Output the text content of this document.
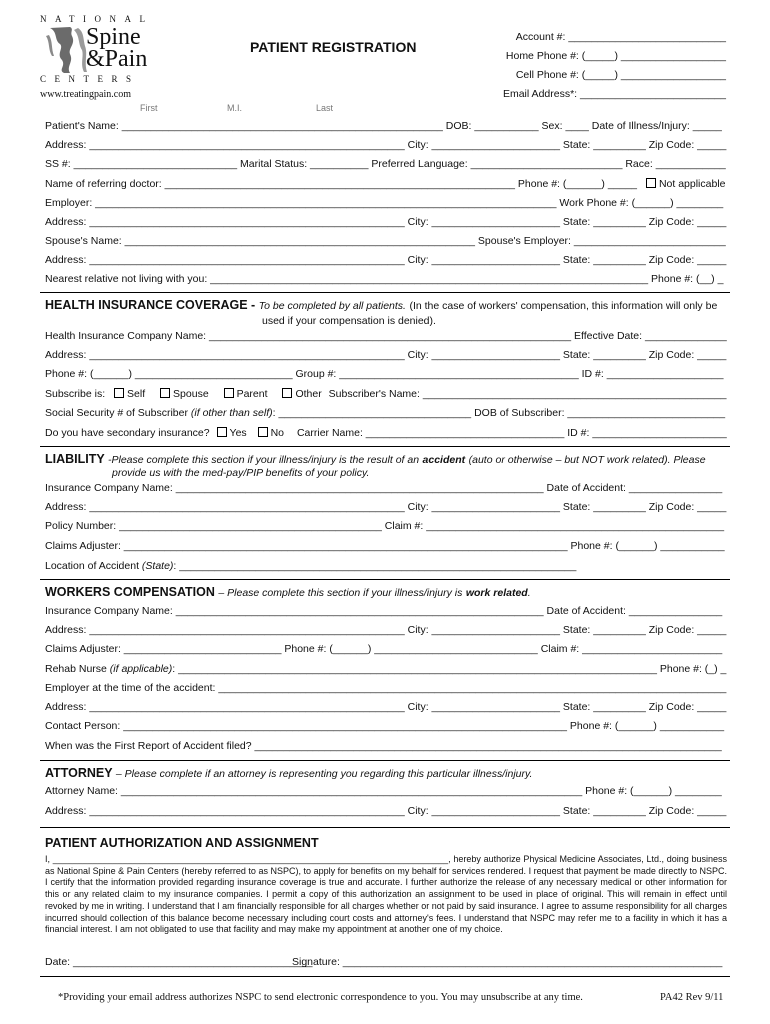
NATIONAL
Spine
&Pain
CENTERS
www.treatingpain.com
PATIENT REGISTRATION
Account #: ___________________________
Home Phone #: (_____) __________________
Cell Phone #: (_____) __________________
Email Address*: _________________________
First	M.I.	Last
Patient's Name: _______________________________________________________ DOB: ___________ Sex: ____ Date of Illness/Injury: _____
Address: ______________________________________________________ City: ______________________ State: _________ Zip Code: _____
SS #: ____________________________ Marital Status: __________ Preferred Language: __________________________ Race: ____________
Name of referring doctor: ____________________________________________________________ Phone #: (______) _____ Not applicable
Employer: _______________________________________________________________________________ Work Phone #: (______) ________
Address: ______________________________________________________ City: ______________________ State: _________ Zip Code: _____
Spouse's Name: ____________________________________________________________ Spouse's Employer: __________________________
Address: ______________________________________________________ City: ______________________ State: _________ Zip Code: _____
Nearest relative not living with you: ___________________________________________________________________________ Phone #: (__) _
HEALTH INSURANCE COVERAGE - To be completed by all patients. (In the case of workers' compensation, this information will only be
used if your compensation is denied).
Health Insurance Company Name: ______________________________________________________________ Effective Date: ______________
Address: ______________________________________________________ City: ______________________ State: _________ Zip Code: _____
Phone #: (______) ___________________________ Group #: _________________________________________ ID #: ____________________
Subscribe is: Self	Spouse	Parent	Other Subscriber's Name: ____________________________________________________
Social Security # of Subscriber (if other than self): _________________________________ DOB of Subscriber: ___________________________
Do you have secondary insurance? Yes No Carrier Name: __________________________________ ID #: _______________________
LIABILITY -Please complete this section if your illness/injury is the result of an accident (auto or otherwise – but NOT work related). Please
provide us with the med-pay/PIP benefits of your policy.
Insurance Company Name: _______________________________________________________________ Date of Accident: ________________
Address: ______________________________________________________ City: ______________________ State: _________ Zip Code: _____
Policy Number: _____________________________________________ Claim #: ___________________________________________________
Claims Adjuster: ____________________________________________________________________________ Phone #: (______) ___________
Location of Accident (State): ____________________________________________________________________
WORKERS COMPENSATION – Please complete this section if your illness/injury is work related.
Insurance Company Name: _______________________________________________________________ Date of Accident: ________________
Address: ______________________________________________________ City: ______________________ State: _________ Zip Code: _____
Claims Adjuster: ___________________________ Phone #: (______) ____________________________ Claim #: ________________________
Rehab Nurse (if applicable): __________________________________________________________________________________ Phone #: (_) _
Employer at the time of the accident: _______________________________________________________________________________________
Address: ______________________________________________________ City: ______________________ State: _________ Zip Code: _____
Contact Person: ____________________________________________________________________________ Phone #: (______) ___________
When was the First Report of Accident filed? ________________________________________________________________________________
ATTORNEY – Please complete if an attorney is representing you regarding this particular illness/injury.
Attorney Name: _______________________________________________________________________________ Phone #: (______) ________
Address: ______________________________________________________ City: ______________________ State: _________ Zip Code: _____
PATIENT AUTHORIZATION AND ASSIGNMENT
I, _______________________________________________________________________________, hereby authorize Physical Medicine Associates, Ltd., doing business as National Spine & Pain Centers (hereby referred to as NSPC), to apply for benefits on my behalf for services rendered. I request that payment be made directly to NSPC. I certify that the information provided regarding insurance coverage is true and accurate. I further authorize the release of any necessary medical or other information for this or any related claim to my insurance companies. I permit a copy of this authorization an assignment to be used in place of original. This will remain in effect until revoked by me in writing. I understand that I am financially responsible for all charges whether or not paid by said insurance. I agree to assume responsibility for all charges incurred should collection of this balance become necessary including court costs and attorney's fees. I understand that NSPC may refer me to a facility in which it has a financial interest. I am not obligated to use that facility and may make my appointment at another one of my choice.
Date: _________________________________________
Signature: _________________________________________________________________
*Providing your email address authorizes NSPC to send electronic correspondence to you. You may unsubscribe at any time.	PA42 Rev 9/11
